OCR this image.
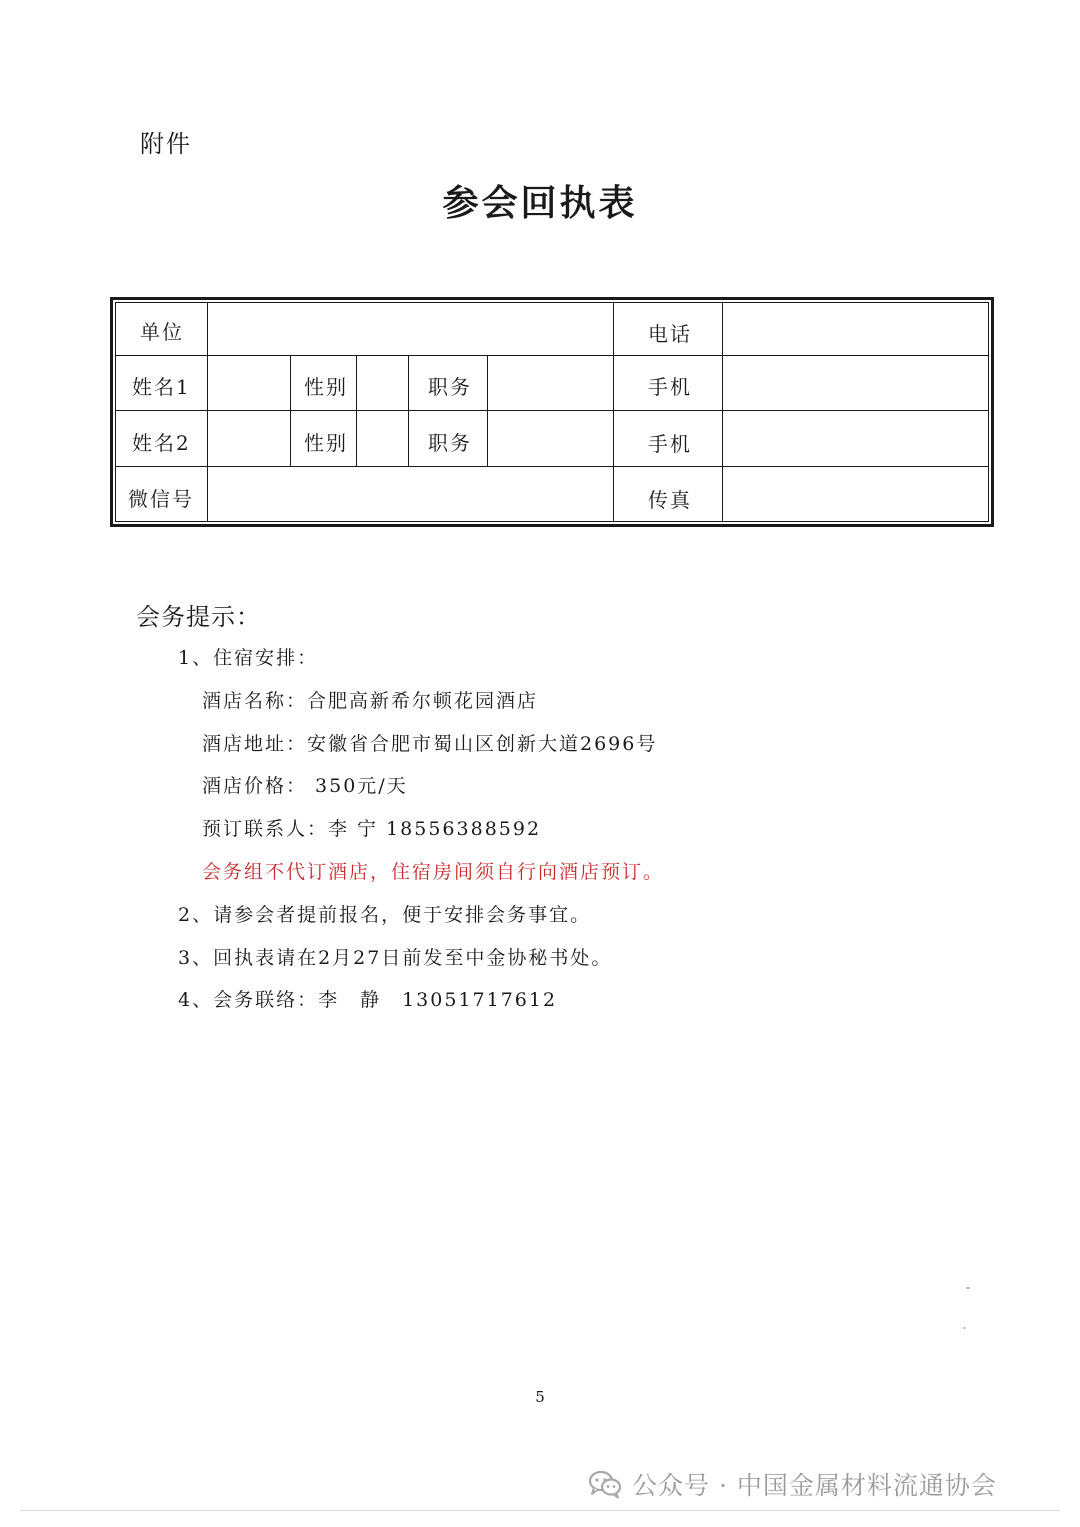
附件
参会回执表
单位	电话
姓名1	性别	职务	手机
姓名2	性别	职务	手机
微信号	传真
会务提示：
1、住宿安排：
酒店名称：合肥高新希尔顿花园酒店
酒店地址：安徽省合肥市蜀山区创新大道2696号
酒店价格： 350元/天
预订联系人：李 宁 18556388592
会务组不代订酒店，住宿房间须自行向酒店预订。
2、请参会者提前报名，便于安排会务事宜。
3、回执表请在2月27日前发至中金协秘书处。
4、会务联络：李　静　13051717612
5
公众号 · 中国金属材料流通协会
